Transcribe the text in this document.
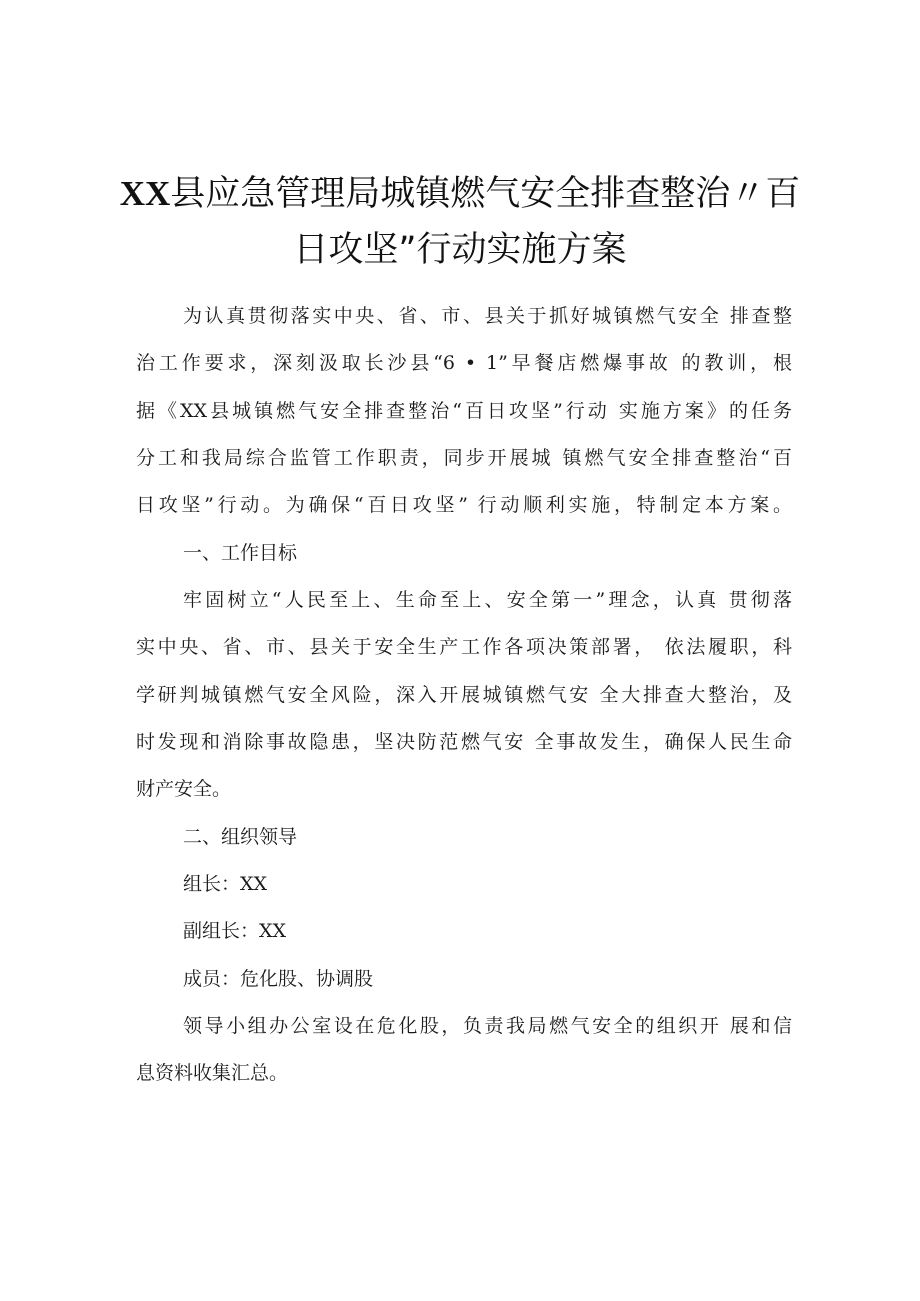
XX县应急管理局城镇燃气安全排查整治〃百
日攻坚”行动实施方案
为认真贯彻落实中央、省、市、县关于抓好城镇燃气安全 排查整
治工作要求，深刻汲取长沙县“6 • 1”早餐店燃爆事故 的教训，根
据《XX县城镇燃气安全排查整治“百日攻坚”行动 实施方案》的任务
分工和我局综合监管工作职责，同步开展城 镇燃气安全排查整治“百
日攻坚”行动。为确保“百日攻坚” 行动顺利实施，特制定本方案。
一、工作目标
牢固树立“人民至上、生命至上、安全第一”理念，认真 贯彻落
实中央、省、市、县关于安全生产工作各项决策部署， 依法履职，科
学研判城镇燃气安全风险，深入开展城镇燃气安 全大排查大整治，及
时发现和消除事故隐患，坚决防范燃气安 全事故发生，确保人民生命
财产安全。
二、组织领导
组长：XX
副组长：XX
成员：危化股、协调股
领导小组办公室设在危化股，负责我局燃气安全的组织开 展和信
息资料收集汇总。
